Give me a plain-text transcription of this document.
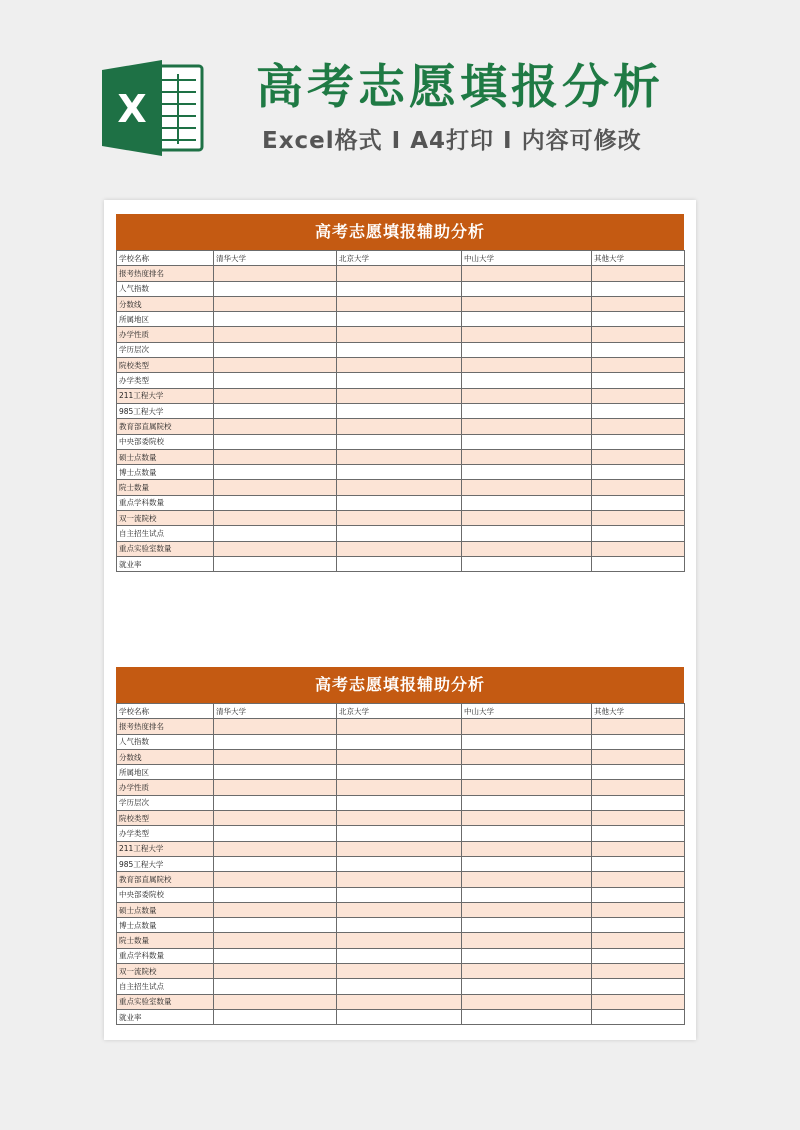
X 高考志愿填报分析
Excel格式 I A4打印 I 内容可修改
高考志愿填报辅助分析
学校名称	清华大学	北京大学	中山大学	其他大学
报考热度排名				
人气指数				
分数线				
所属地区				
办学性质				
学历层次				
院校类型				
办学类型				
211工程大学				
985工程大学				
教育部直属院校				
中央部委院校				
硕士点数量				
博士点数量				
院士数量				
重点学科数量				
双一流院校				
自主招生试点				
重点实验室数量				
就业率				
高考志愿填报辅助分析
学校名称	清华大学	北京大学	中山大学	其他大学
报考热度排名				
人气指数				
分数线				
所属地区				
办学性质				
学历层次				
院校类型				
办学类型				
211工程大学				
985工程大学				
教育部直属院校				
中央部委院校				
硕士点数量				
博士点数量				
院士数量				
重点学科数量				
双一流院校				
自主招生试点				
重点实验室数量				
就业率				
